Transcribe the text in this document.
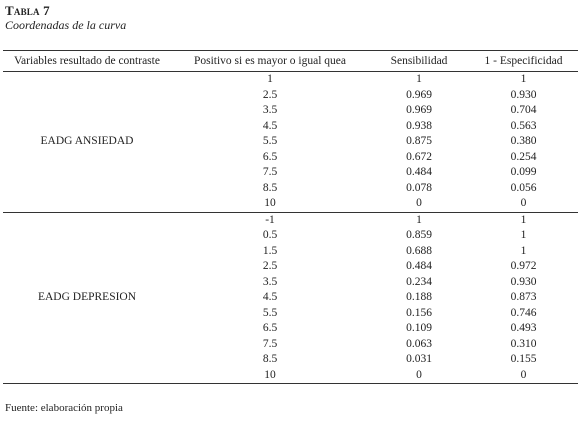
Tabla 7
Coordenadas de la curva
Variables resultado de contraste	Positivo si es mayor o igual quea	Sensibilidad	1 - Especificidad
EADG ANSIEDAD	1	1	1
	2.5	0.969	0.930
	3.5	0.969	0.704
	4.5	0.938	0.563
	5.5	0.875	0.380
	6.5	0.672	0.254
	7.5	0.484	0.099
	8.5	0.078	0.056
	10	0	0
EADG DEPRESION	-1	1	1
	0.5	0.859	1
	1.5	0.688	1
	2.5	0.484	0.972
	3.5	0.234	0.930
	4.5	0.188	0.873
	5.5	0.156	0.746
	6.5	0.109	0.493
	7.5	0.063	0.310
	8.5	0.031	0.155
	10	0	0
Fuente: elaboración propia
